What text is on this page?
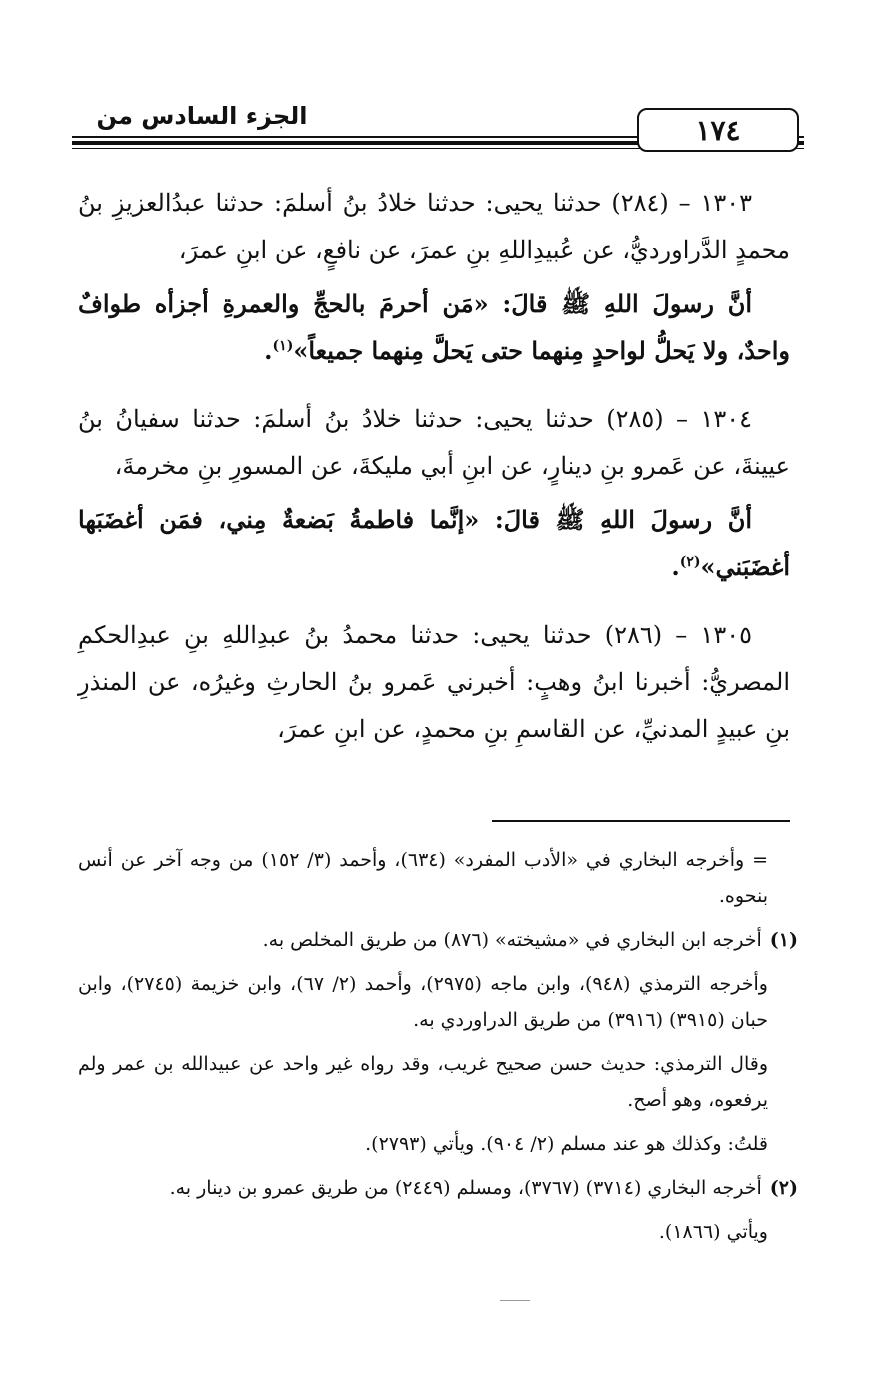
١٧٤
الجزء السادس من

١٣٠٣ – (٢٨٤) حدثنا يحيى: حدثنا خلادُ بنُ أسلمَ: حدثنا عبدُالعزيزِ بنُ محمدٍ الدَّراورديُّ، عن عُبيدِاللهِ بنِ عمرَ، عن نافعٍ، عن ابنِ عمرَ،

أنَّ رسولَ اللهِ ﷺ قالَ: «مَن أحرمَ بالحجِّ والعمرةِ أجزأه طوافٌ واحدٌ، ولا يَحلُّ لواحدٍ مِنهما حتى يَحلَّ مِنهما جميعاً»$^{(١)}$.

١٣٠٤ – (٢٨٥) حدثنا يحيى: حدثنا خلادُ بنُ أسلمَ: حدثنا سفيانُ بنُ عيينةَ، عن عَمرو بنِ دينارٍ، عن ابنِ أبي مليكةَ، عن المسورِ بنِ مخرمةَ،

أنَّ رسولَ اللهِ ﷺ قالَ: «إنَّما فاطمةُ بَضعةٌ مِني، فمَن أغضَبَها أغضَبَني»$^{(٢)}$.

١٣٠٥ – (٢٨٦) حدثنا يحيى: حدثنا محمدُ بنُ عبدِاللهِ بنِ عبدِالحكمِ المصريُّ: أخبرنا ابنُ وهبٍ: أخبرني عَمرو بنُ الحارثِ وغيرُه، عن المنذرِ بنِ عبيدٍ المدنيِّ، عن القاسمِ بنِ محمدٍ، عن ابنِ عمرَ،

= وأخرجه البخاري في «الأدب المفرد» (٦٣٤)، وأحمد (٣/ ١٥٢) من وجه آخر عن أنس بنحوه.

(١)أخرجه ابن البخاري في «مشيخته» (٨٧٦) من طريق المخلص به.

وأخرجه الترمذي (٩٤٨)، وابن ماجه (٢٩٧٥)، وأحمد (٢/ ٦٧)، وابن خزيمة (٢٧٤٥)، وابن حبان (٣٩١٥) (٣٩١٦) من طريق الدراوردي به.

وقال الترمذي: حديث حسن صحيح غريب، وقد رواه غير واحد عن عبيدالله بن عمر ولم يرفعوه، وهو أصح.

قلتُ: وكذلك هو عند مسلم (٢/ ٩٠٤). ويأتي (٢٧٩٣).

(٢)أخرجه البخاري (٣٧١٤) (٣٧٦٧)، ومسلم (٢٤٤٩) من طريق عمرو بن دينار به.

ويأتي (١٨٦٦).
